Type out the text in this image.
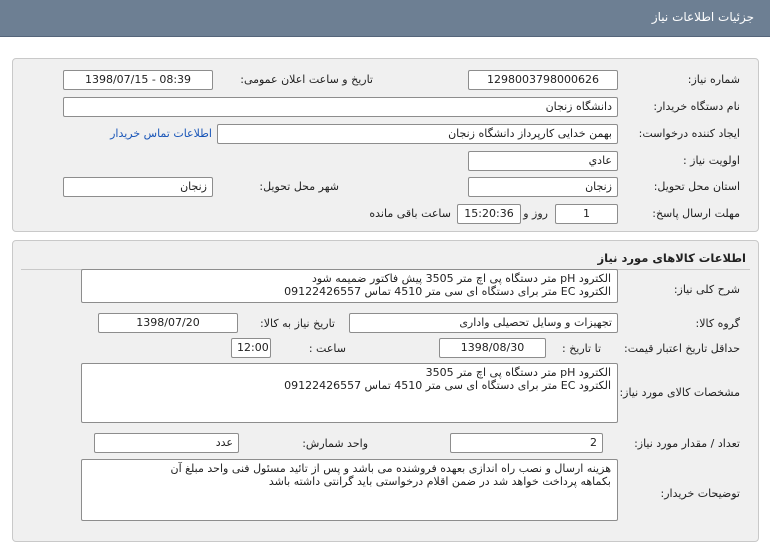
جزئیات اطلاعات نیاز
شماره نیاز:
1298003798000626
تاریخ و ساعت اعلان عمومی:
1398/07/15 - 08:39
نام دستگاه خریدار:
دانشگاه زنجان
ایجاد کننده درخواست:
بهمن خدایی کارپرداز دانشگاه زنجان
اطلاعات تماس خریدار
اولویت نیاز :
عادي
استان محل تحویل:
زنجان
شهر محل تحویل:
زنجان
مهلت ارسال پاسخ:
1
روز و
15:20:36
ساعت باقی مانده
اطلاعات کالاهای مورد نیاز
شرح کلی نیاز:
الکترود pH متر دستگاه پی اچ متر 3505 پیش فاکتور ضمیمه شود
الکترود EC متر برای دستگاه ای سی متر 4510 تماس 09122426557
گروه کالا:
تجهیزات و وسایل تحصیلی واداری
تاریخ نیاز به کالا:
1398/07/20
حداقل تاریخ اعتبار قیمت:
تا تاریخ :
1398/08/30
ساعت :
12:00
مشخصات کالای مورد نیاز:
الکترود pH متر دستگاه پی اچ متر 3505
الکترود EC متر برای دستگاه ای سی متر 4510 تماس 09122426557
تعداد / مقدار مورد نیاز:
2
واحد شمارش:
عدد
توضیحات خریدار:
هزینه ارسال و نصب راه اندازی بعهده فروشنده می باشد و پس از تائید مسئول فنی واحد مبلغ آن
بکماهه پرداخت خواهد شد در ضمن اقلام درخواستی باید گرانتی داشته باشد
